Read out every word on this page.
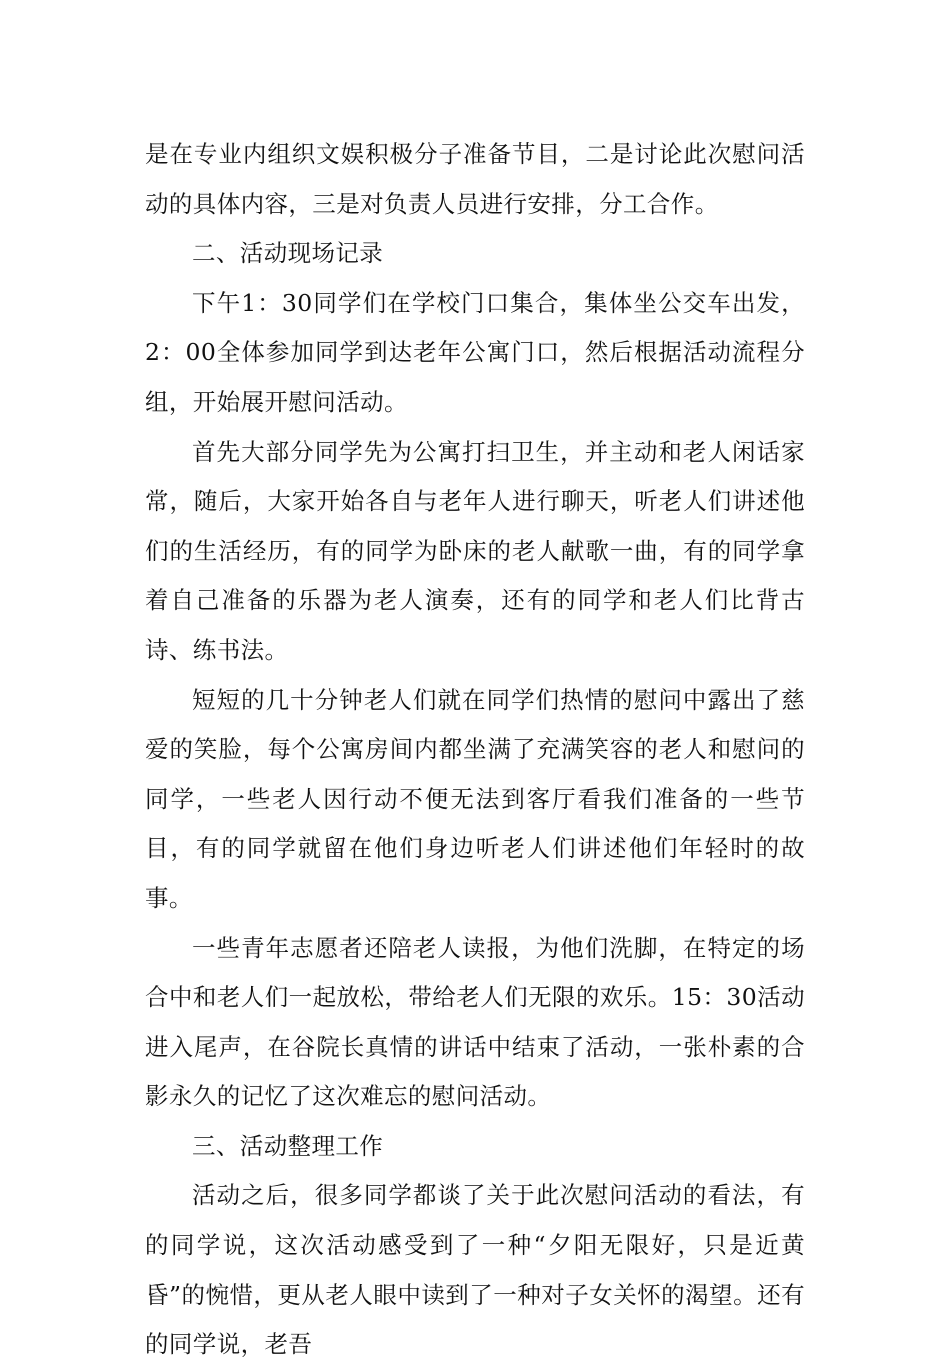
是在专业内组织文娱积极分子准备节目，二是讨论此次慰问活动的具体内容，三是对负责人员进行安排，分工合作。

二、活动现场记录

下午1：30同学们在学校门口集合，集体坐公交车出发，2：00全体参加同学到达老年公寓门口，然后根据活动流程分组，开始展开慰问活动。

首先大部分同学先为公寓打扫卫生，并主动和老人闲话家常，随后，大家开始各自与老年人进行聊天，听老人们讲述他们的生活经历，有的同学为卧床的老人献歌一曲，有的同学拿着自己准备的乐器为老人演奏，还有的同学和老人们比背古诗、练书法。

短短的几十分钟老人们就在同学们热情的慰问中露出了慈爱的笑脸，每个公寓房间内都坐满了充满笑容的老人和慰问的同学，一些老人因行动不便无法到客厅看我们准备的一些节目，有的同学就留在他们身边听老人们讲述他们年轻时的故事。

一些青年志愿者还陪老人读报，为他们洗脚，在特定的场合中和老人们一起放松，带给老人们无限的欢乐。15：30活动进入尾声，在谷院长真情的讲话中结束了活动，一张朴素的合影永久的记忆了这次难忘的慰问活动。

三、活动整理工作

活动之后，很多同学都谈了关于此次慰问活动的看法，有的同学说，这次活动感受到了一种“夕阳无限好，只是近黄昏”的惋惜，更从老人眼中读到了一种对子女关怀的渴望。还有的同学说，老吾
